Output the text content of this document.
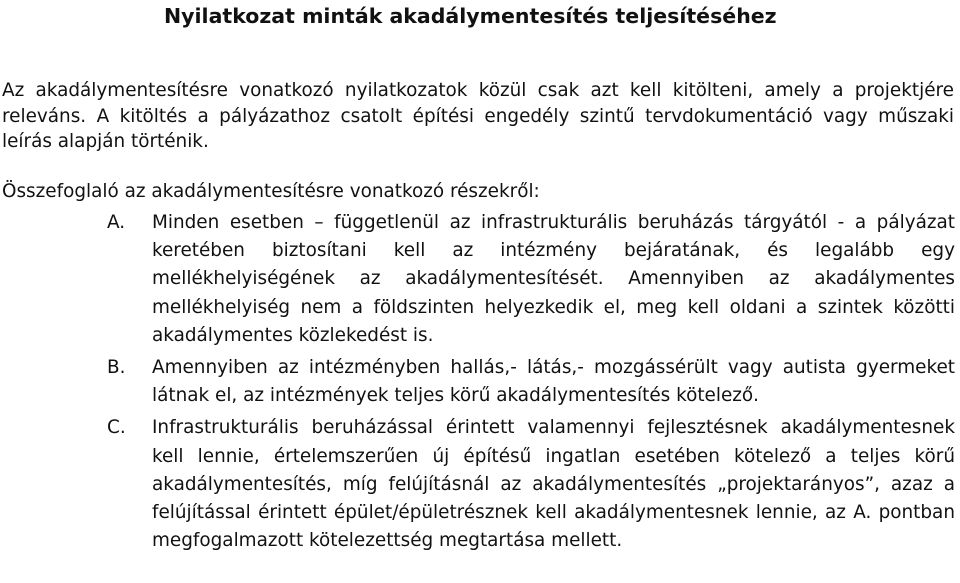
Nyilatkozat minták akadálymentesítés teljesítéséhez
Az akadálymentesítésre vonatkozó nyilatkozatok közül csak azt kell kitölteni, amely a projektjére releváns. A kitöltés a pályázathoz csatolt építési engedély szintű tervdokumentáció vagy műszaki leírás alapján történik.
Összefoglaló az akadálymentesítésre vonatkozó részekről:
A.	Minden esetben – függetlenül az infrastrukturális beruházás tárgyától - a pályázat keretében biztosítani kell az intézmény bejáratának, és legalább egy mellékhelyiségének az akadálymentesítését. Amennyiben az akadálymentes mellékhelyiség nem a földszinten helyezkedik el, meg kell oldani a szintek közötti akadálymentes közlekedést is.
B.	Amennyiben az intézményben hallás,- látás,- mozgássérült vagy autista gyermeket látnak el, az intézmények teljes körű akadálymentesítés kötelező.
C.	Infrastrukturális beruházással érintett valamennyi fejlesztésnek akadálymentesnek kell lennie, értelemszerűen új építésű ingatlan esetében kötelező a teljes körű akadálymentesítés, míg felújításnál az akadálymentesítés „projektarányos”, azaz a felújítással érintett épület/épületrésznek kell akadálymentesnek lennie, az A. pontban megfogalmazott kötelezettség megtartása mellett.
